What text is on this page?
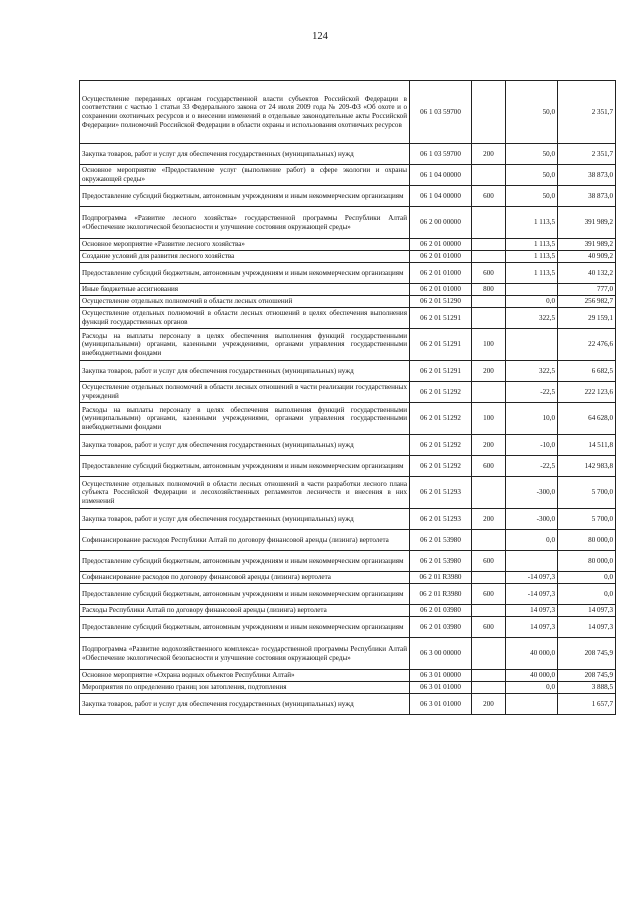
124
Осуществление переданных органам государственной власти субъектов Российской Федерации в соответствии с частью 1 статьи 33 Федерального закона от 24 июля 2009 года № 209-ФЗ «Об охоте и о сохранении охотничьих ресурсов и о внесении изменений в отдельные законодательные акты Российской Федерации» полномочий Российской Федерации в области охраны и использования охотничьих ресурсов	06 1 03 59700		50,0	2 351,7
Закупка товаров, работ и услуг для обеспечения государственных (муниципальных) нужд	06 1 03 59700	200	50,0	2 351,7
Основное мероприятие «Предоставление услуг (выполнение работ) в сфере экологии и охраны окружающей среды»	06 1 04 00000		50,0	38 873,0
Предоставление субсидий бюджетным, автономным учреждениям и иным некоммерческим организациям	06 1 04 00000	600	50,0	38 873,0
Подпрограмма «Развитие лесного хозяйства» государственной программы Республики Алтай «Обеспечение экологической безопасности и улучшение состояния окружающей среды»	06 2 00 00000		1 113,5	391 989,2
Основное мероприятие «Развитие лесного хозяйства»	06 2 01 00000		1 113,5	391 989,2
Создание условий для развития лесного хозяйства	06 2 01 01000		1 113,5	40 909,2
Предоставление субсидий бюджетным, автономным учреждениям и иным некоммерческим организациям	06 2 01 01000	600	1 113,5	40 132,2
Иные бюджетные ассигнования	06 2 01 01000	800		777,0
Осуществление отдельных полномочий в области лесных отношений	06 2 01 51290		0,0	256 982,7
Осуществление отдельных полномочий в области лесных отношений в целях обеспечения выполнения функций государственных органов	06 2 01 51291		322,5	29 159,1
Расходы на выплаты персоналу в целях обеспечения выполнения функций государственными (муниципальными) органами, казенными учреждениями, органами управления государственными внебюджетными фондами	06 2 01 51291	100		22 476,6
Закупка товаров, работ и услуг для обеспечения государственных (муниципальных) нужд	06 2 01 51291	200	322,5	6 682,5
Осуществление отдельных полномочий в области лесных отношений в части реализации государственных учреждений	06 2 01 51292		-22,5	222 123,6
Расходы на выплаты персоналу в целях обеспечения выполнения функций государственными (муниципальными) органами, казенными учреждениями, органами управления государственными внебюджетными фондами	06 2 01 51292	100	10,0	64 628,0
Закупка товаров, работ и услуг для обеспечения государственных (муниципальных) нужд	06 2 01 51292	200	-10,0	14 511,8
Предоставление субсидий бюджетным, автономным учреждениям и иным некоммерческим организациям	06 2 01 51292	600	-22,5	142 983,8
Осуществление отдельных полномочий в области лесных отношений в части разработки лесного плана субъекта Российской Федерации и лесохозяйственных регламентов лесничеств и внесения в них изменений	06 2 01 51293		-300,0	5 700,0
Закупка товаров, работ и услуг для обеспечения государственных (муниципальных) нужд	06 2 01 51293	200	-300,0	5 700,0
Софинансирование расходов Республики Алтай по договору финансовой аренды (лизинга) вертолета	06 2 01 53980		0,0	80 000,0
Предоставление субсидий бюджетным, автономным учреждениям и иным некоммерческим организациям	06 2 01 53980	600		80 000,0
Софинансирование расходов по договору финансовой аренды (лизинга) вертолета	06 2 01 R3980		-14 097,3	0,0
Предоставление субсидий бюджетным, автономным учреждениям и иным некоммерческим организациям	06 2 01 R3980	600	-14 097,3	0,0
Расходы Республики Алтай по договору финансовой аренды (лизинга) вертолета	06 2 01 03980		14 097,3	14 097,3
Предоставление субсидий бюджетным, автономным учреждениям и иным некоммерческим организациям	06 2 01 03980	600	14 097,3	14 097,3
Подпрограмма «Развитие водохозяйственного комплекса» государственной программы Республики Алтай «Обеспечение экологической безопасности и улучшение состояния окружающей среды»	06 3 00 00000		40 000,0	208 745,9
Основное мероприятие «Охрана водных объектов Республики Алтай»	06 3 01 00000		40 000,0	208 745,9
Мероприятия по определению границ зон затопления, подтопления	06 3 01 01000		0,0	3 888,5
Закупка товаров, работ и услуг для обеспечения государственных (муниципальных) нужд	06 3 01 01000	200		1 657,7
